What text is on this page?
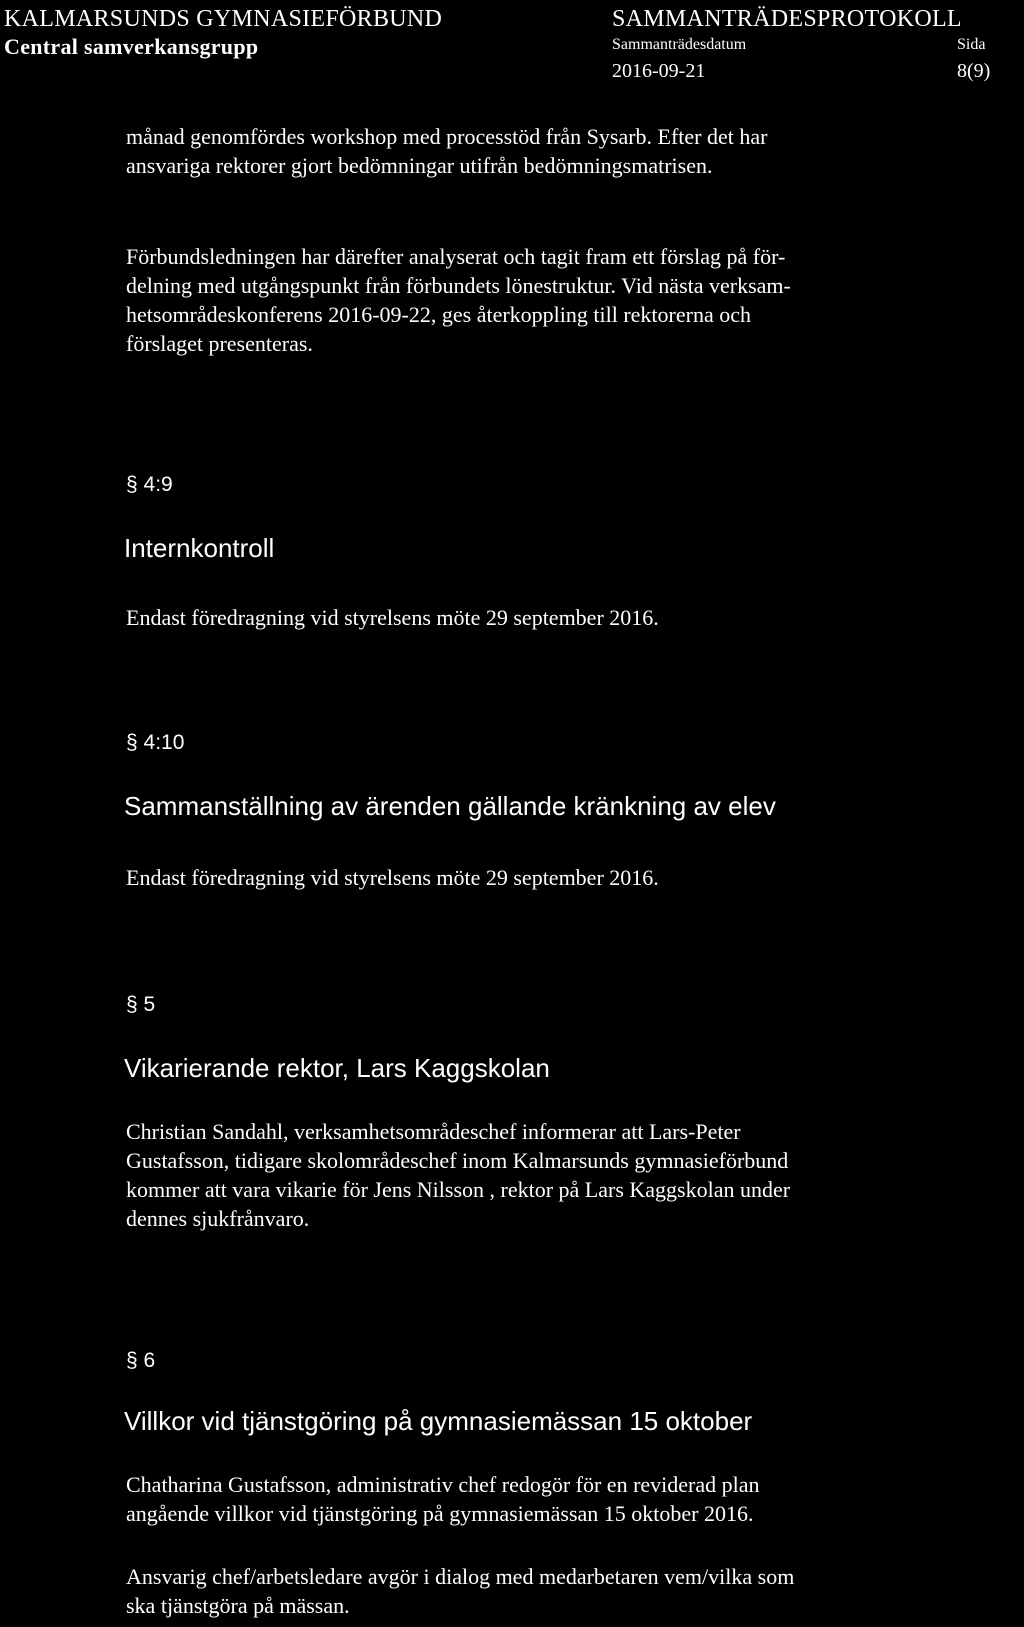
KALMARSUNDS GYMNASIEFÖRBUND
Central samverkansgrupp
SAMMANTRÄDESPROTOKOLL
Sammanträdesdatum	Sida
2016-09-21	8(9)

månad genomfördes workshop med processtöd från Sysarb. Efter det har
ansvariga rektorer gjort bedömningar utifrån bedömningsmatrisen.

Förbundsledningen har därefter analyserat och tagit fram ett förslag på för-
delning med utgångspunkt från förbundets lönestruktur. Vid nästa verksam-
hetsområdeskonferens 2016-09-22, ges återkoppling till rektorerna och
förslaget presenteras.

§ 4:9
Internkontroll

Endast föredragning vid styrelsens möte 29 september 2016.

§ 4:10
Sammanställning av ärenden gällande kränkning av elev

Endast föredragning vid styrelsens möte 29 september 2016.

§ 5
Vikarierande rektor, Lars Kaggskolan

Christian Sandahl, verksamhetsområdeschef informerar att Lars-Peter
Gustafsson, tidigare skolområdeschef inom Kalmarsunds gymnasieförbund
kommer att vara vikarie för Jens Nilsson , rektor på Lars Kaggskolan under
dennes sjukfrånvaro.

§ 6
Villkor vid tjänstgöring på gymnasiemässan 15 oktober

Chatharina Gustafsson, administrativ chef redogör för en reviderad plan
angående villkor vid tjänstgöring på gymnasiemässan 15 oktober 2016.

Ansvarig chef/arbetsledare avgör i dialog med medarbetaren vem/vilka som
ska tjänstgöra på mässan.
